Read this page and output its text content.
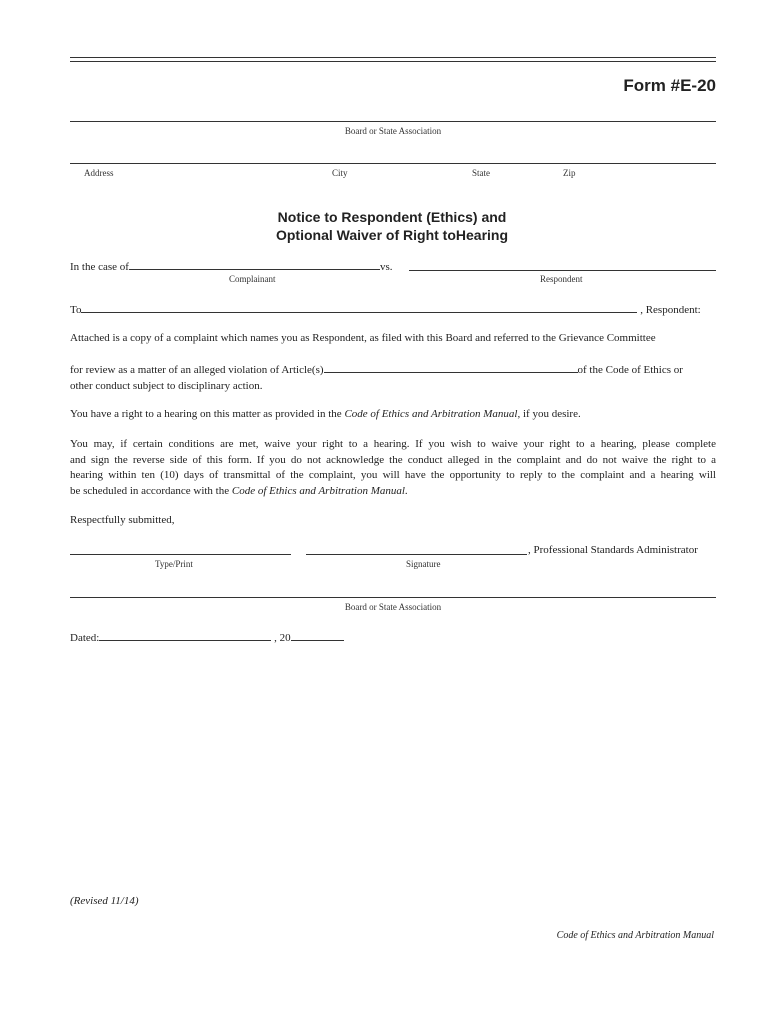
Form #E-20
Board or State Association
Address	City	State	Zip
Notice to Respondent (Ethics) and
Optional Waiver of Right toHearing
In the case of	vs.
Complainant	Respondent
To	, Respondent:
Attached is a copy of a complaint which names you as Respondent, as filed with this Board and referred to the Grievance Committee
for review as a matter of an alleged violation of Article(s)	of the Code of Ethics or
other conduct subject to disciplinary action.
You have a right to a hearing on this matter as provided in the Code of Ethics and Arbitration Manual, if you desire.
You may, if certain conditions are met, waive your right to a hearing. If you wish to waive your right to a hearing, please complete
and sign the reverse side of this form. If you do not acknowledge the conduct alleged in the complaint and do not waive the right to a
hearing within ten (10) days of transmittal of the complaint, you will have the opportunity to reply to the complaint and a hearing will
be scheduled in accordance with the Code of Ethics and Arbitration Manual.
Respectfully submitted,
, Professional Standards Administrator
Type/Print	Signature
Board or State Association
Dated:	, 20
(Revised 11/14)
Code of Ethics and Arbitration Manual
